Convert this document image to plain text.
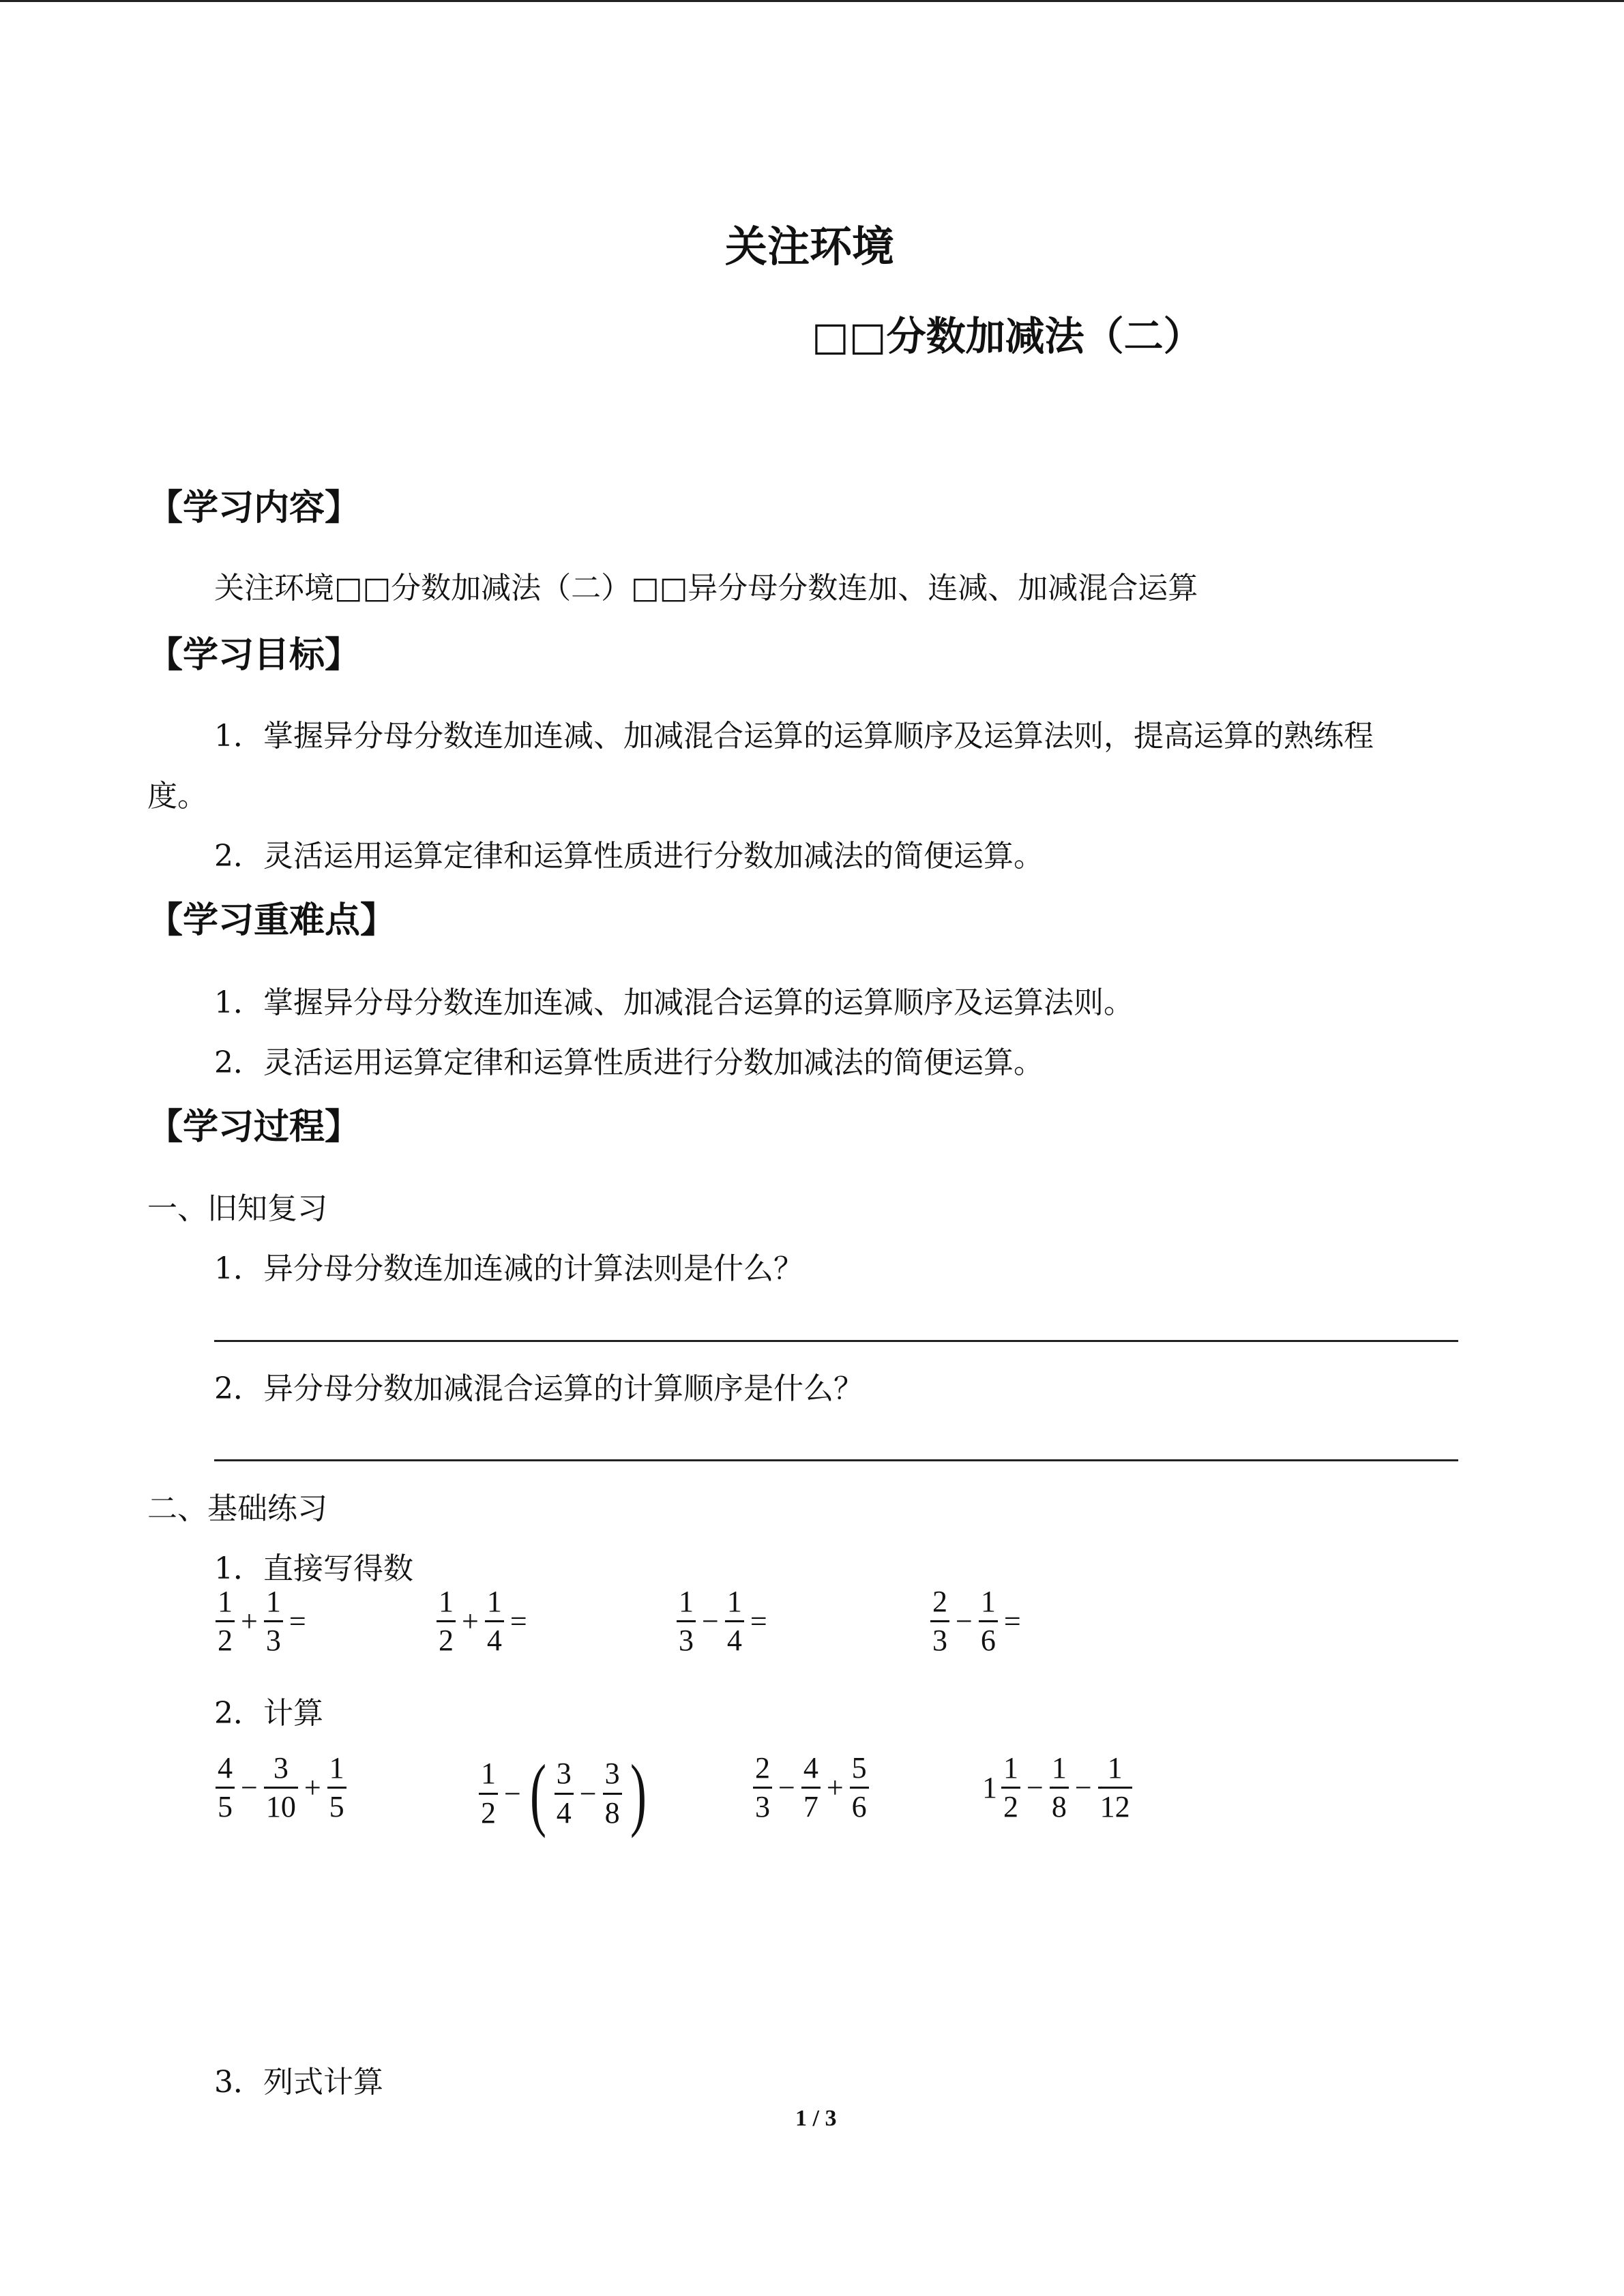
关注环境
□□分数加减法（二）
【学习内容】
关注环境□□分数加减法（二）□□异分母分数连加、连减、加减混合运算
【学习目标】
1．掌握异分母分数连加连减、加减混合运算的运算顺序及运算法则，提高运算的熟练程
度。
2．灵活运用运算定律和运算性质进行分数加减法的简便运算。
【学习重难点】
1．掌握异分母分数连加连减、加减混合运算的运算顺序及运算法则。
2．灵活运用运算定律和运算性质进行分数加减法的简便运算。
【学习过程】
一、旧知复习
1．异分母分数连加连减的计算法则是什么？
2．异分母分数加减混合运算的计算顺序是什么？
二、基础练习
1．直接写得数
$\frac{1}{2} + \frac{1}{3}$ =	$\frac{1}{2} + \frac{1}{4}$ =	$\frac{1}{3} - \frac{1}{4}$ =	$\frac{2}{3} - \frac{1}{6}$ =
2．计算
$\frac{4}{5} - \frac{3}{10} + \frac{1}{5}$	$\frac{1}{2}$ − ( $\frac{3}{4} - \frac{3}{8}$ )	$\frac{2}{3} - \frac{4}{7} + \frac{5}{6}$	$1 \frac{1}{2} - \frac{1}{8} - \frac{1}{12}$
3．列式计算
1 / 3
